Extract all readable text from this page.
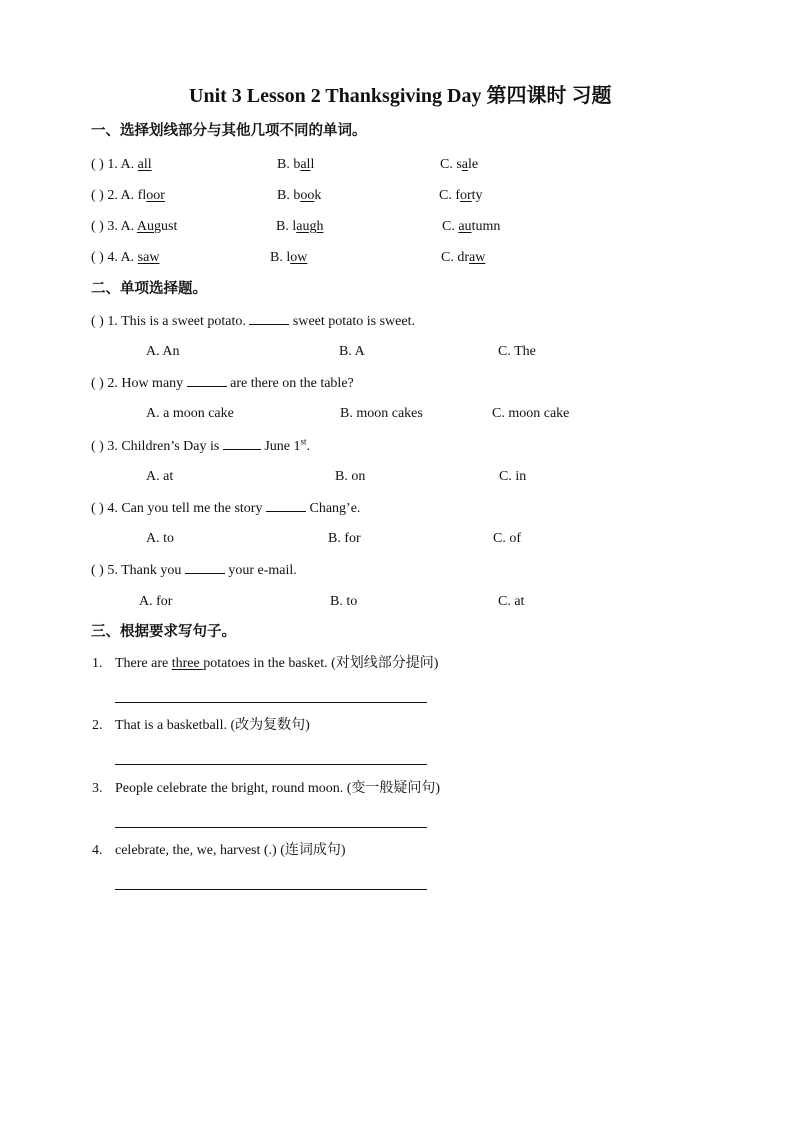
Unit 3 Lesson 2 Thanksgiving Day 第四课时 习题
一、选择划线部分与其他几项不同的单词。
( ) 1. A. all	B. ball	C. sale
( ) 2. A. floor	B. book	C. forty
( ) 3. A. August	B. laugh	C. autumn
( ) 4. A. saw	B. low	C. draw
二、单项选择题。
( ) 1. This is a sweet potato.	sweet potato is sweet.
A. An	B. A	C. The
( ) 2. How many	are there on the table?
A. a moon cake	B. moon cakes	C. moon cake
( ) 3. Children’s Day is	June 1st.
A. at	B. on	C. in
( ) 4. Can you tell me the story	Chang’e.
A. to	B. for	C. of
( ) 5. Thank you	your e-mail.
A. for	B. to	C. at
三、根据要求写句子。
1. There are three potatoes in the basket. (对划线部分提问)
2. That is a basketball. (改为复数句)
3. People celebrate the bright, round moon. (变一般疑问句)
4. celebrate, the, we, harvest (.) (连词成句)
